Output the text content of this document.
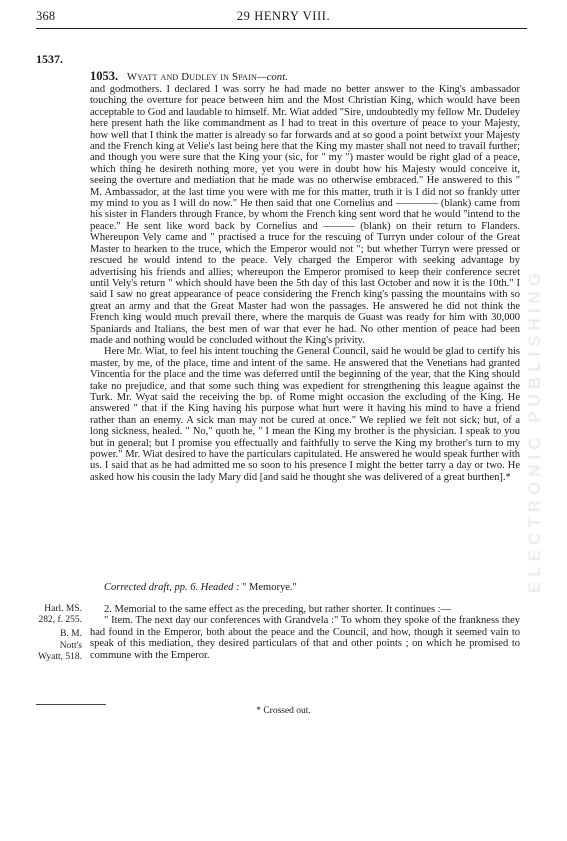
368	29 HENRY VIII.
1537.
1053. Wyatt and Dudley in Spain—cont.

and godmothers. I declared I was sorry he had made no better answer to the King's ambassador touching the overture for peace between him and the Most Christian King, which would have been acceptable to God and laudable to himself. Mr. Wiat added "Sire, undoubtedly my fellow Mr. Dudeley here present hath the like commandment as I had to treat in this overture of peace to your Majesty, how well that I think the matter is already so far forwards and at so good a point betwixt your Majesty and the French king at Velie's last being here that the King my master shall not need to travail further; and though you were sure that the King your (sic, for " my ") master would be right glad of a peace, which thing he desireth nothing more, yet you were in doubt how his Majesty would conceive it, seeing the overture and mediation that he made was no otherwise embraced." He answered to this " M. Ambassador, at the last time you were with me for this matter, truth it is I did not so frankly utter my mind to you as I will do now." He then said that one Cornelius and ———— (blank) came from his sister in Flanders through France, by whom the French king sent word that he would "intend to the peace." He sent like word back by Cornelius and ——— (blank) on their return to Flanders. Whereupon Vely came and " practised a truce for the rescuing of Turryn under colour of the Great Master to hearken to the truce, which the Emperor would not "; but whether Turryn were pressed or rescued he would intend to the peace. Vely charged the Emperor with seeking advantage by advertising his friends and allies; whereupon the Emperor promised to keep their conference secret until Vely's return " which should have been the 5th day of this last October and now it is the 10th." I said I saw no great appearance of peace considering the French king's passing the mountains with so great an army and that the Great Master had won the passages. He answered he did not think the French king would much prevail there, where the marquis de Guast was ready for him with 30,000 Spaniards and Italians, the best men of war that ever he had. No other mention of peace had been made and nothing would be concluded without the King's privity.

Here Mr. Wiat, to feel his intent touching the General Council, said he would be glad to certify his master, by me, of the place, time and intent of the same. He answered that the Venetians had granted Vincentia for the place and the time was deferred until the beginning of the year, that the King should take no prejudice, and that some such thing was expedient for strengthening this league against the Turk. Mr. Wyat said the receiving the bp. of Rome might occasion the excluding of the King. He answered " that if the King having his purpose what hurt were it having his mind to have a friend rather than an enemy. A sick man may not be cured at once." We replied we felt not sick; but, of a long sickness, healed. " No," quoth he, " I mean the King my brother is the physician. I speak to you but in general; but I promise you effectually and faithfully to serve the King my brother's turn to my power." Mr. Wiat desired to have the particulars capitulated. He answered he would speak further with us. I said that as he had admitted me so soon to his presence I might the better tarry a day or two. He asked how his cousin the lady Mary did [and said he thought she was delivered of a great burthen].*

Corrected draft, pp. 6. Headed : " Memorye."
Harl. MS. 282, f. 255.
B. M.
Nott's Wyatt, 518.

2. Memorial to the same effect as the preceding, but rather shorter. It continues :—

" Item. The next day our conferences with Grandvela :" To whom they spoke of the frankness they had found in the Emperor, both about the peace and the Council, and how, though it seemed vain to speak of this mediation, they desired particulars of that and other points ; on which he promised to commune with the Emperor.

* Crossed out.
ELECTRONIC PUBLISHING
